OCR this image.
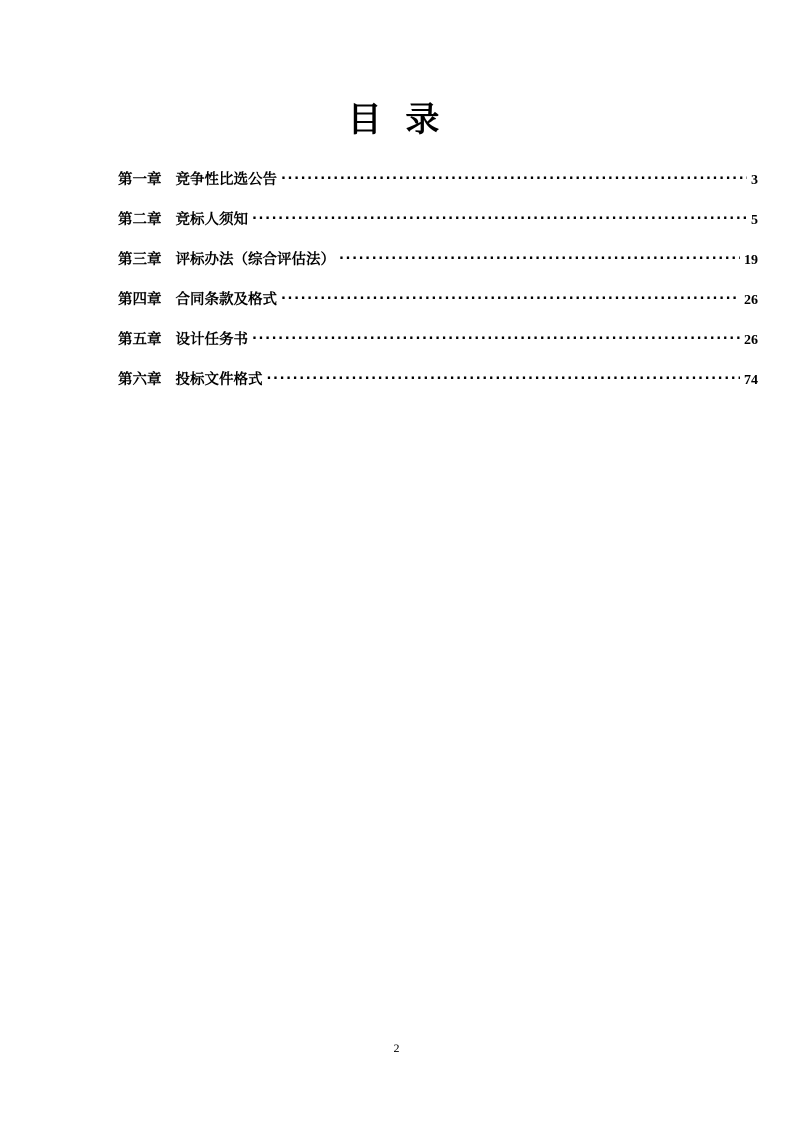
目 录
第一章 竞争性比选公告 .....	3
第二章 竞标人须知 .....	5
第三章 评标办法（综合评估法） .....	19
第四章 合同条款及格式 .....	26
第五章 设计任务书 .....	26
第六章 投标文件格式 .....	74
2
